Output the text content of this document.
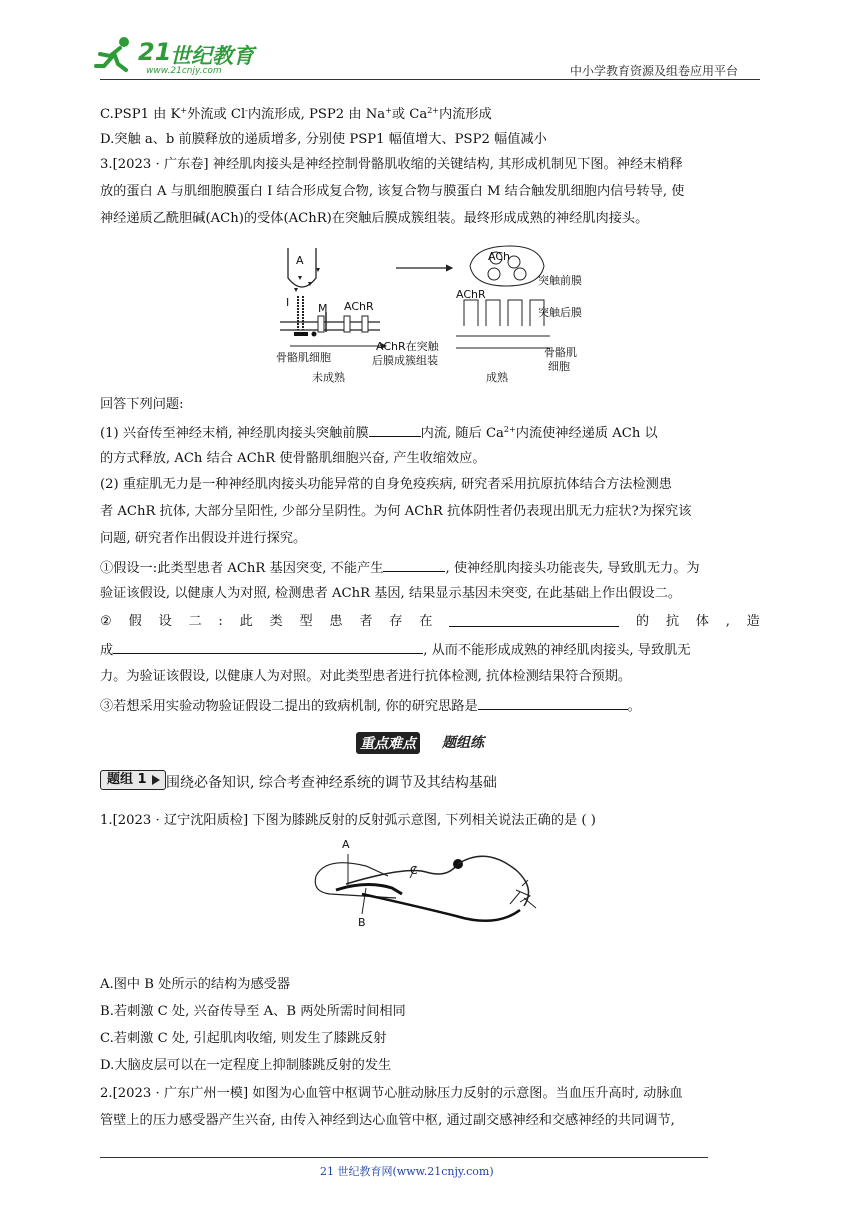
21
世纪教育
www.21cnjy.com	中小学教育资源及组卷应用平台
C.PSP1 由 K+外流或 Cl-内流形成, PSP2 由 Na+或 $Ca^{2+}$内流形成
D.突触 a、b 前膜释放的递质增多, 分别使 PSP1 幅值增大、PSP2 幅值减小
3.[2023 · 广东卷] 神经肌肉接头是神经控制骨骼肌收缩的关键结构, 其形成机制见下图。神经末梢释
放的蛋白 A 与肌细胞膜蛋白 I 结合形成复合物, 该复合物与膜蛋白 M 结合触发肌细胞内信号转导, 使
神经递质乙酰胆碱(ACh)的受体(AChR)在突触后膜成簇组装。最终形成成熟的神经肌肉接头。
A
I	M AChR
骨骼肌细胞
AChR在突触
后膜成簇组装
未成熟
ACh
突触前膜
AChR
突触后膜
骨骼肌
细胞
成熟
回答下列问题:
(1) 兴奋传至神经末梢, 神经肌肉接头突触前膜	内流, 随后 $Ca^{2+}$内流使神经递质 ACh 以
的方式释放, ACh 结合 AChR 使骨骼肌细胞兴奋, 产生收缩效应。
(2) 重症肌无力是一种神经肌肉接头功能异常的自身免疫疾病, 研究者采用抗原抗体结合方法检测患
者 AChR 抗体, 大部分呈阳性, 少部分呈阴性。为何 AChR 抗体阴性者仍表现出肌无力症状?为探究该
问题, 研究者作出假设并进行探究。
①假设一:此类型患者 AChR 基因突变, 不能产生	, 使神经肌肉接头功能丧失, 导致肌无力。为
验证该假设, 以健康人为对照, 检测患者 AChR 基因, 结果显示基因未突变, 在此基础上作出假设二。
② 假 设 二 : 此 类 型 患 者 存 在	的 抗 体 , 造
成	, 从而不能形成成熟的神经肌肉接头, 导致肌无
力。为验证该假设, 以健康人为对照。对此类型患者进行抗体检测, 抗体检测结果符合预期。
③若想采用实验动物验证假设二提出的致病机制, 你的研究思路是	。
重点难点 题组练
题组 1	围绕必备知识, 综合考查神经系统的调节及其结构基础
1.[2023 · 辽宁沈阳质检] 下图为膝跳反射的反射弧示意图, 下列相关说法正确的是 ( )
A
C
B
A.图中 B 处所示的结构为感受器
B.若刺激 C 处, 兴奋传导至 A、B 两处所需时间相同
C.若刺激 C 处, 引起肌肉收缩, 则发生了膝跳反射
D.大脑皮层可以在一定程度上抑制膝跳反射的发生
2.[2023 · 广东广州一模] 如图为心血管中枢调节心脏动脉压力反射的示意图。当血压升高时, 动脉血
管壁上的压力感受器产生兴奋, 由传入神经到达心血管中枢, 通过副交感神经和交感神经的共同调节,
21 世纪教育网(www.21cnjy.com)
